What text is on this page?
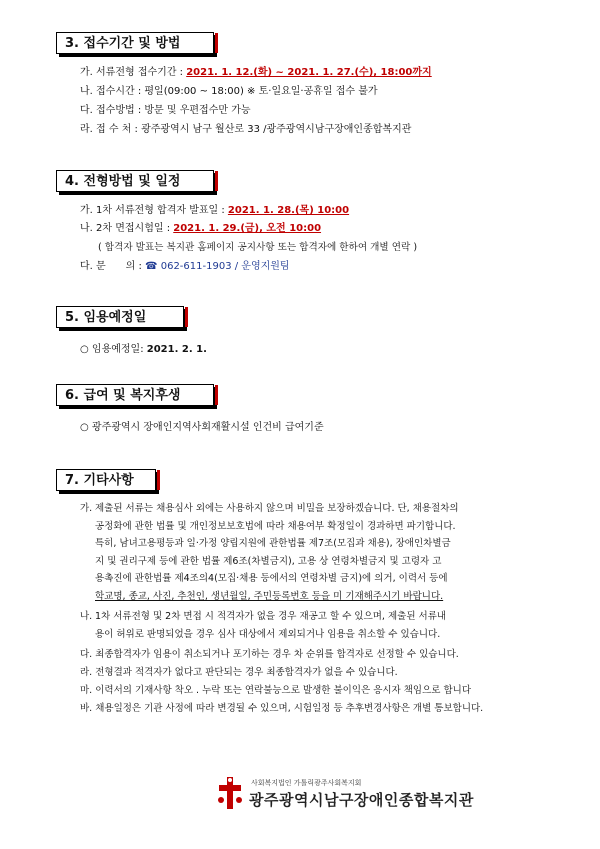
3. 접수기간 및 방법
가. 서류전형 접수기간 : 2021. 1. 12.(화) ~ 2021. 1. 27.(수), 18:00까지
나. 접수시간 : 평일(09:00 ~ 18:00) ※ 토·일요일·공휴일 접수 불가
다. 접수방법 : 방문 및 우편접수만 가능
라. 접 수 처 : 광주광역시 남구 월산로 33 /광주광역시남구장애인종합복지관
4. 전형방법 및 일정
가. 1차 서류전형 합격자 발표일 : 2021. 1. 28.(목) 10:00
나. 2차 면접시험일 : 2021. 1. 29.(금), 오전 10:00
( 합격자 발표는 복지관 홈페이지 공지사항 또는 합격자에 한하여 개별 연락 )
다. 문　　의 : ☎ 062-611-1903 / 운영지원팀
5. 임용예정일
○ 임용예정일: 2021. 2. 1.
6. 급여 및 복지후생
○ 광주광역시 장애인지역사회재활시설 인건비 급여기준
7. 기타사항
가. 제출된 서류는 채용심사 외에는 사용하지 않으며 비밀을 보장하겠습니다. 단, 채용절차의
공정화에 관한 법률 및 개인정보보호법에 따라 채용여부 확정일이 경과하면 파기합니다.
특히, 남녀고용평등과 일·가정 양립지원에 관한법률 제7조(모집과 채용), 장애인차별금
지 및 권리구제 등에 관한 법률 제6조(차별금지), 고용 상 연령차별금지 및 고령자 고
용촉진에 관한법률 제4조의4(모집·채용 등에서의 연령차별 금지)에 의거, 이력서 등에
학교명, 종교, 사진, 추천인, 생년월일, 주민등록번호 등을 미 기재해주시기 바랍니다.
나. 1차 서류전형 및 2차 면접 시 적격자가 없을 경우 재공고 할 수 있으며, 제출된 서류내
용이 허위로 판명되었을 경우 심사 대상에서 제외되거나 임용을 취소할 수 있습니다.
다. 최종합격자가 임용이 취소되거나 포기하는 경우 차 순위를 합격자로 선정할 수 있습니다.
라. 전형결과 적격자가 없다고 판단되는 경우 최종합격자가 없을 수 있습니다.
마. 이력서의 기재사항 착오 . 누락 또는 연락불능으로 발생한 불이익은 응시자 책임으로 합니다
바. 채용일정은 기관 사정에 따라 변경될 수 있으며, 시험일정 등 추후변경사항은 개별 통보합니다.
사회복지법인 가톨릭광주사회복지회
광주광역시남구장애인종합복지관
